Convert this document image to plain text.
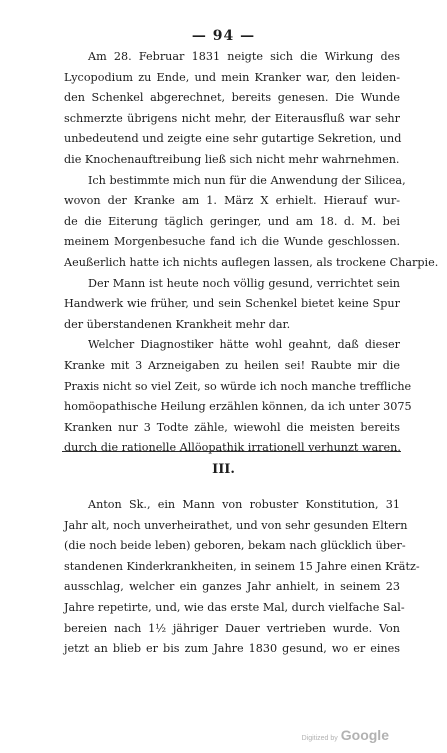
— 94 —
Am 28. Februar 1831 neigte sich die Wirkung des
Lycopodium zu Ende, und mein Kranker war, den leiden-
den Schenkel abgerechnet, bereits genesen. Die Wunde
schmerzte übrigens nicht mehr, der Eiterausfluß war sehr
unbedeutend und zeigte eine sehr gutartige Sekretion, und
die Knochenauftreibung ließ sich nicht mehr wahrnehmen.
Ich bestimmte mich nun für die Anwendung der Silicea,
wovon der Kranke am 1. März X erhielt. Hierauf wur-
de die Eiterung täglich geringer, und am 18. d. M. bei
meinem Morgenbesuche fand ich die Wunde geschlossen.
Aeußerlich hatte ich nichts auflegen lassen, als trockene Charpie.
Der Mann ist heute noch völlig gesund, verrichtet sein
Handwerk wie früher, und sein Schenkel bietet keine Spur
der überstandenen Krankheit mehr dar.
Welcher Diagnostiker hätte wohl geahnt, daß dieser
Kranke mit 3 Arzneigaben zu heilen sei! Raubte mir die
Praxis nicht so viel Zeit, so würde ich noch manche treffliche
homöopathische Heilung erzählen können, da ich unter 3075
Kranken nur 3 Todte zähle, wiewohl die meisten bereits
durch die rationelle Allöopathik irrationell verhunzt waren.
III.
Anton Sk., ein Mann von robuster Konstitution, 31
Jahr alt, noch unverheirathet, und von sehr gesunden Eltern
(die noch beide leben) geboren, bekam nach glücklich über-
standenen Kinderkrankheiten, in seinem 15 Jahre einen Krätz-
ausschlag, welcher ein ganzes Jahr anhielt, in seinem 23
Jahre repetirte, und, wie das erste Mal, durch vielfache Sal-
bereien nach 1½ jähriger Dauer vertrieben wurde. Von
jetzt an blieb er bis zum Jahre 1830 gesund, wo er eines
Digitized by Google
